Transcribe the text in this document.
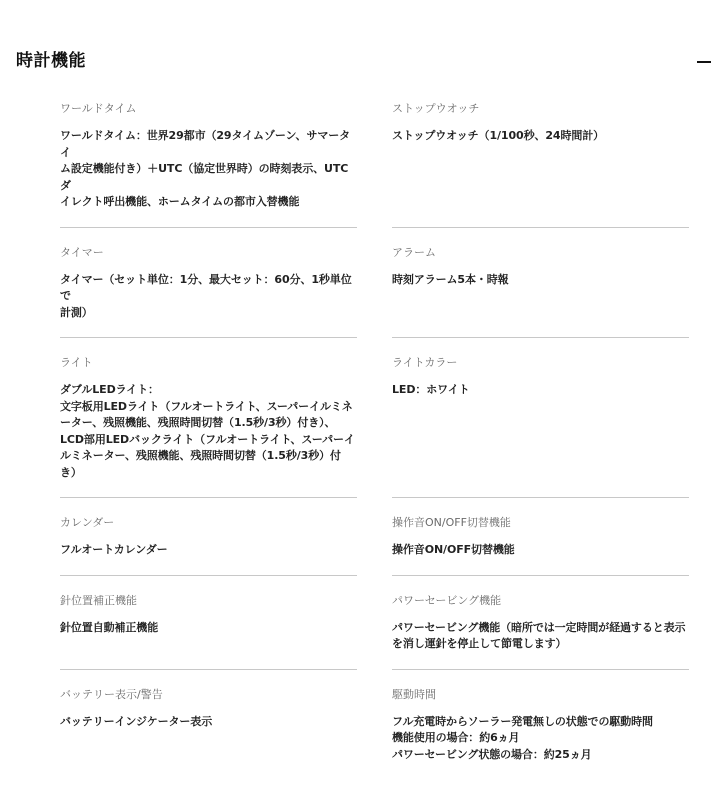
時計機能
ワールドタイム
ワールドタイム：世界29都市（29タイムゾーン、サマータイ
ム設定機能付き）＋UTC（協定世界時）の時刻表示、UTCダ
イレクト呼出機能、ホームタイムの都市入替機能
ストップウオッチ
ストップウオッチ（1/100秒、24時間計）
タイマー
タイマー（セット単位：1分、最大セット：60分、1秒単位で
計測）
アラーム
時刻アラーム5本・時報
ライト
ダブルLEDライト：
文字板用LEDライト（フルオートライト、スーパーイルミネ
ーター、残照機能、残照時間切替（1.5秒/3秒）付き）、
LCD部用LEDバックライト（フルオートライト、スーパーイ
ルミネーター、残照機能、残照時間切替（1.5秒/3秒）付き）
ライトカラー
LED：ホワイト
カレンダー
フルオートカレンダー
操作音ON/OFF切替機能
操作音ON/OFF切替機能
針位置補正機能
針位置自動補正機能
パワーセービング機能
パワーセービング機能（暗所では一定時間が経過すると表示
を消し運針を停止して節電します）
バッテリー表示/警告
バッテリーインジケーター表示
駆動時間
フル充電時からソーラー発電無しの状態での駆動時間
機能使用の場合：約6ヵ月
パワーセービング状態の場合：約25ヵ月
